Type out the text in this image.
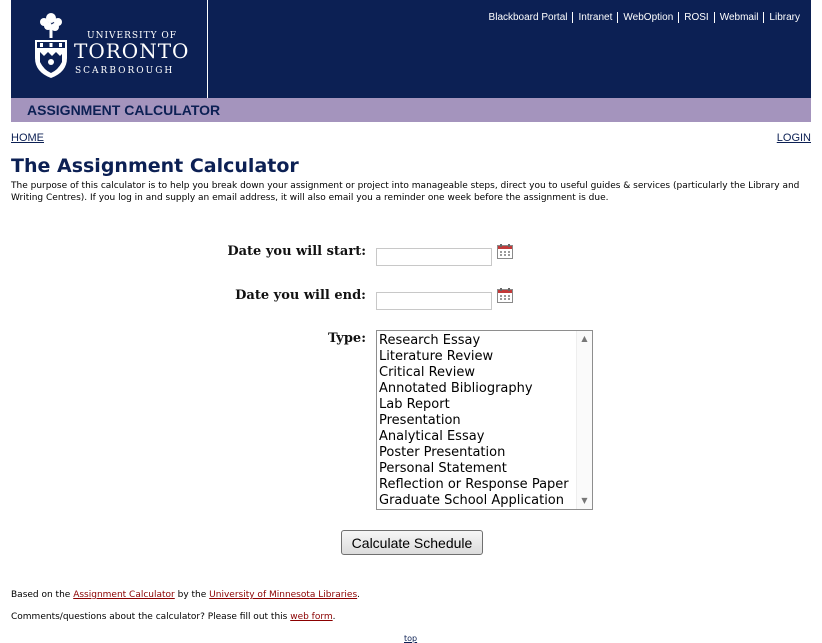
UNIVERSITY OF
TORONTO
SCARBOROUGH
Blackboard Portal	Intranet	WebOption	ROSI	Webmail	Library
ASSIGNMENT CALCULATOR
HOME	LOGIN
The Assignment Calculator

The purpose of this calculator is to help you break down your assignment or project into manageable steps, direct you to useful guides & services (particularly the Library and Writing Centres). If you log in and supply an email address, it will also email you a reminder one week before the assignment is due.

Date you will start:
Date you will end:
Type: Research Essay
Literature Review
Critical Review
Annotated Bibliography
Lab Report
Presentation
Analytical Essay
Poster Presentation
Personal Statement
Reflection or Response Paper
Graduate School Application
▲
▼
Calculate Schedule
Based on the Assignment Calculator by the University of Minnesota Libraries.
Comments/questions about the calculator? Please fill out this web form.
top
